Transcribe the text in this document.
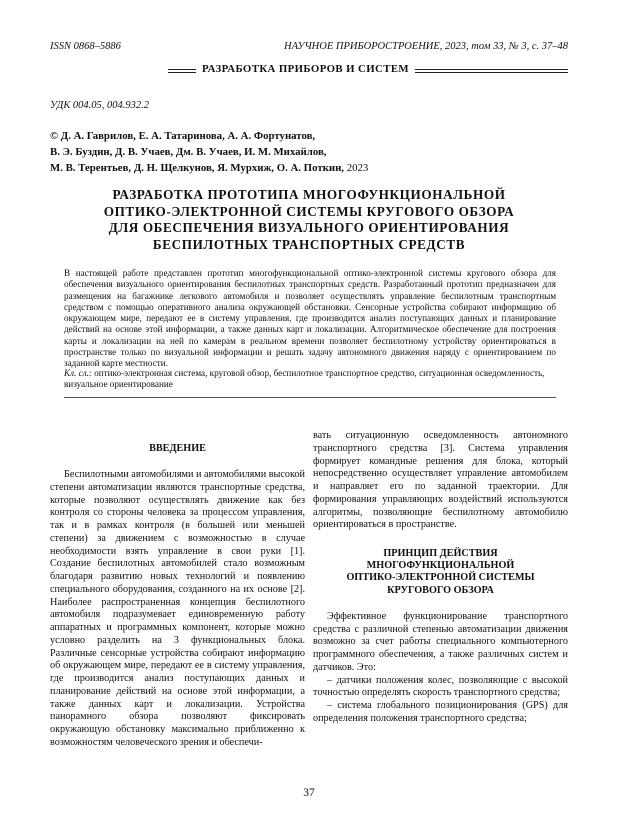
ISSN 0868–5886	НАУЧНОЕ ПРИБОРОСТРОЕНИЕ, 2023, том 33, № 3, с. 37–48
РАЗРАБОТКА ПРИБОРОВ И СИСТЕМ
УДК 004.05, 004.932.2
© Д. А. Гаврилов, Е. А. Татаринова, А. А. Фортунатов,
В. Э. Буздин, Д. В. Учаев, Дм. В. Учаев, И. М. Михайлов,
М. В. Терентьев, Д. Н. Щелкунов, Я. Мурхиж, О. А. Поткин, 2023
РАЗРАБОТКА ПРОТОТИПА МНОГОФУНКЦИОНАЛЬНОЙ
ОПТИКО-ЭЛЕКТРОННОЙ СИСТЕМЫ КРУГОВОГО ОБЗОРА
ДЛЯ ОБЕСПЕЧЕНИЯ ВИЗУАЛЬНОГО ОРИЕНТИРОВАНИЯ
БЕСПИЛОТНЫХ ТРАНСПОРТНЫХ СРЕДСТВ
В настоящей работе представлен прототип многофункциональной оптико-электронной системы кругового обзора для обеспечения визуального ориентирования беспилотных транспортных средств. Разработанный прототип предназначен для размещения на багажнике легкового автомобиля и позволяет осуществлять управление беспилотным транспортным средством с помощью оперативного анализа окружающей обстановки. Сенсорные устройства собирают информацию об окружающем мире, передают ее в систему управления, где производится анализ поступающих данных и планирование действий на основе этой информации, а также данных карт и локализации. Алгоритмическое обеспечение для построения карты и локализации на ней по камерам в реальном времени позволяет беспилотному устройству ориентироваться в пространстве только по визуальной информации и решать задачу автономного движения наряду с ориентированием по заданной карте местности.
Кл. сл.: оптико-электронная система, круговой обзор, беспилотное транспортное средство, ситуационная осведомленность, визуальное ориентирование
ВВЕДЕНИЕ

Беспилотными автомобилями и автомобилями высокой степени автоматизации являются транспортные средства, которые позволяют осуществлять движение как без контроля со стороны человека за процессом управления, так и в рамках контроля (в большей или меньшей степени) за движением с возможностью в случае необходимости взять управление в свои руки [1]. Создание беспилотных автомобилей стало возможным благодаря развитию новых технологий и появлению специального оборудования, созданного на их основе [2]. Наиболее распространенная концепция беспилотного автомобиля подразумевает единовременную работу аппаратных и программных компонент, которые можно условно разделить на 3 функциональных блока. Различные сенсорные устройства собирают информацию об окружающем мире, передают ее в систему управления, где производится анализ поступающих данных и планирование действий на основе этой информации, а также данных карт и локализации. Устройства панорамного обзора позволяют фиксировать окружающую обстановку максимально приближенно к возможностям человеческого зрения и обеспечи-

вать ситуационную осведомленность автономного транспортного средства [3]. Система управления формирует командные решения для блока, который непосредственно осуществляет управление автомобилем и направляет его по заданной траектории. Для формирования управляющих воздействий используются алгоритмы, позволяющие беспилотному автомобилю ориентироваться в пространстве.

ПРИНЦИП ДЕЙСТВИЯ
МНОГОФУНКЦИОНАЛЬНОЙ
ОПТИКО-ЭЛЕКТРОННОЙ СИСТЕМЫ
КРУГОВОГО ОБЗОРА

Эффективное функционирование транспортного средства с различной степенью автоматизации движения возможно за счет работы специального компьютерного программного обеспечения, а также различных систем и датчиков. Это:

– датчики положения колес, позволяющие с высокой точностью определять скорость транспортного средства;

– система глобального позиционирования (GPS) для определения положения транспортного средства;

37
